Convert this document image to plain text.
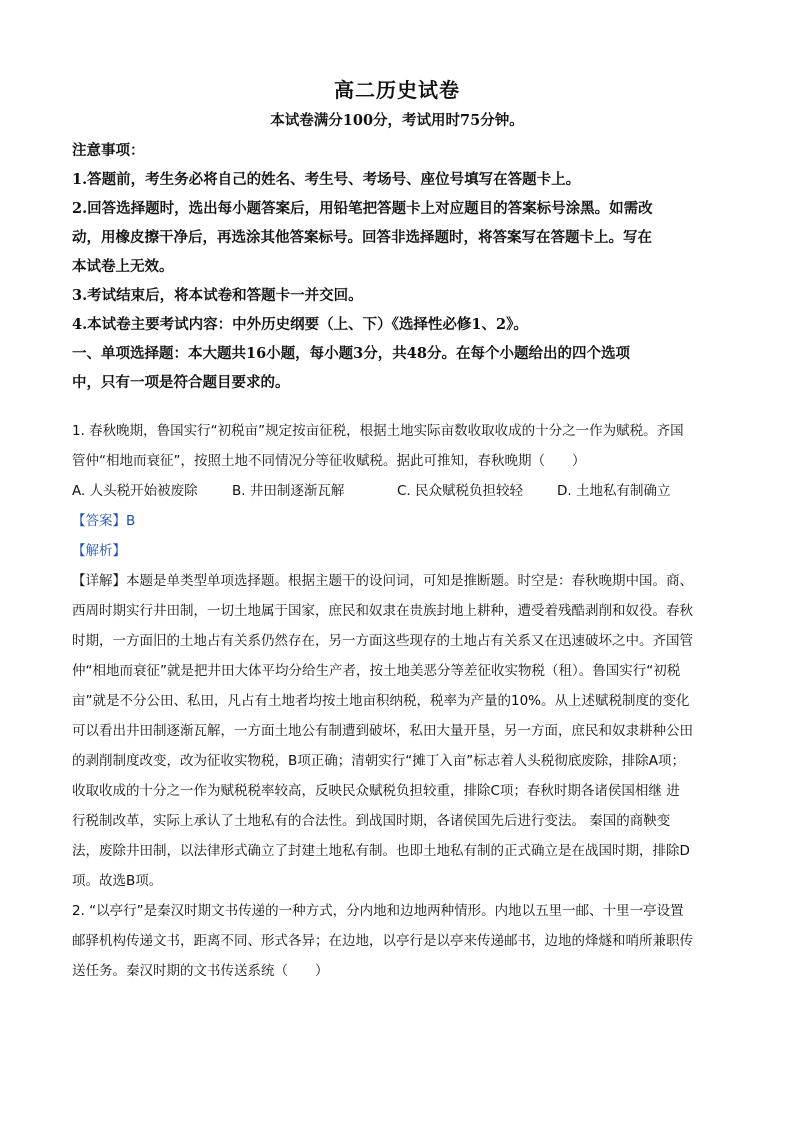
高二历史试卷
本试卷满分100分，考试用时75分钟。
注意事项：
1.答题前，考生务必将自己的姓名、考生号、考场号、座位号填写在答题卡上。
2.回答选择题时，选出每小题答案后，用铅笔把答题卡上对应题目的答案标号涂黑。如需改
动，用橡皮擦干净后，再选涂其他答案标号。回答非选择题时，将答案写在答题卡上。写在
本试卷上无效。
3.考试结束后，将本试卷和答题卡一并交回。
4.本试卷主要考试内容：中外历史纲要（上、下）《选择性必修1、2》。
一、单项选择题：本大题共16小题，每小题3分，共48分。在每个小题给出的四个选项
中，只有一项是符合题目要求的。
1. 春秋晚期，鲁国实行“初税亩”规定按亩征税，根据土地实际亩数收取收成的十分之一作为赋税。齐国
管仲“相地而衰征”，按照土地不同情况分等征收赋税。据此可推知，春秋晚期（　　）
A. 人头税开始被废除	B. 井田制逐渐瓦解	C. 民众赋税负担较轻	D. 土地私有制确立
【答案】B
【解析】
【详解】本题是单类型单项选择题。根据主题干的设问词，可知是推断题。时空是：春秋晚期中国。商、
西周时期实行井田制，一切土地属于国家，庶民和奴隶在贵族封地上耕种，遭受着残酷剥削和奴役。春秋
时期，一方面旧的土地占有关系仍然存在，另一方面这些现存的土地占有关系又在迅速破坏之中。齐国管
仲“相地而衰征”就是把井田大体平均分给生产者，按土地美恶分等差征收实物税（租）。鲁国实行“初税
亩”就是不分公田、私田，凡占有土地者均按土地亩积纳税，税率为产量的10%。从上述赋税制度的变化
可以看出井田制逐渐瓦解，一方面土地公有制遭到破坏，私田大量开垦，另一方面，庶民和奴隶耕种公田
的剥削制度改变，改为征收实物税，B项正确；清朝实行“摊丁入亩”标志着人头税彻底废除，排除A项；
收取收成的十分之一作为赋税税率较高，反映民众赋税负担较重，排除C项；春秋时期各诸侯国相继 进
行税制改革，实际上承认了土地私有的合法性。到战国时期，各诸侯国先后进行变法。 秦国的商鞅变
法，废除井田制，以法律形式确立了封建土地私有制。也即土地私有制的正式确立是在战国时期，排除D
项。故选B项。
2. “以亭行”是秦汉时期文书传递的一种方式，分内地和边地两种情形。内地以五里一邮、十里一亭设置
邮驿机构传递文书，距离不同、形式各异；在边地，以亭行是以亭来传递邮书，边地的烽燧和哨所兼职传
送任务。秦汉时期的文书传送系统（　　）
